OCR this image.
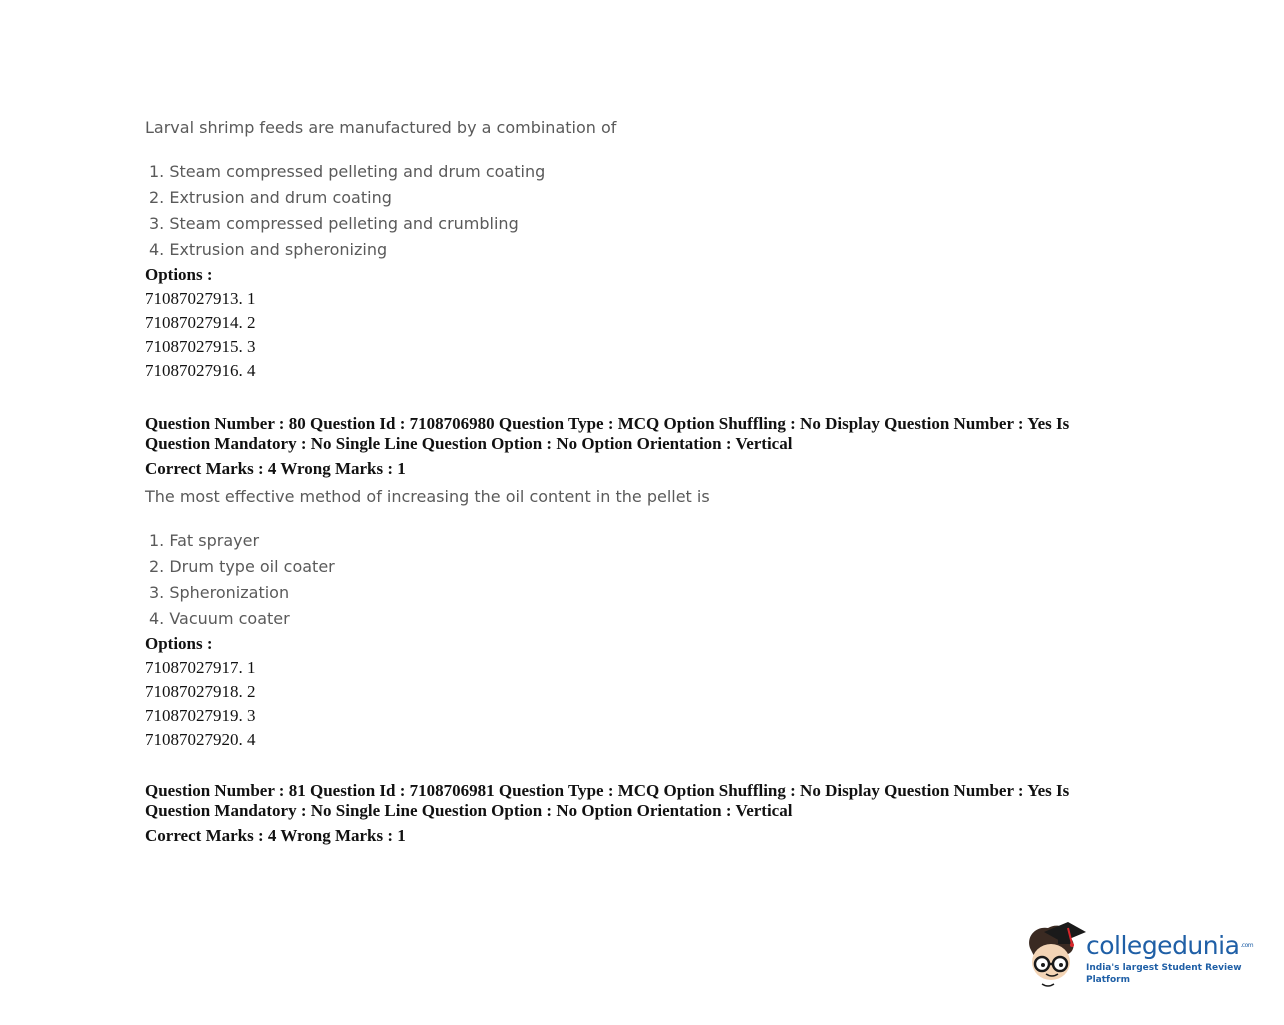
Larval shrimp feeds are manufactured by a combination of

1. Steam compressed pelleting and drum coating
2. Extrusion and drum coating
3. Steam compressed pelleting and crumbling
4. Extrusion and spheronizing

Options :

71087027913. 1

71087027914. 2

71087027915. 3

71087027916. 4

Question Number : 80 Question Id : 7108706980 Question Type : MCQ Option Shuffling : No Display Question Number : Yes Is

Question Mandatory : No Single Line Question Option : No Option Orientation : Vertical

Correct Marks : 4 Wrong Marks : 1

The most effective method of increasing the oil content in the pellet is

1. Fat sprayer
2. Drum type oil coater
3. Spheronization
4. Vacuum coater

Options :

71087027917. 1

71087027918. 2

71087027919. 3

71087027920. 4

Question Number : 81 Question Id : 7108706981 Question Type : MCQ Option Shuffling : No Display Question Number : Yes Is

Question Mandatory : No Single Line Question Option : No Option Orientation : Vertical

Correct Marks : 4 Wrong Marks : 1

collegedunia$^{.com}$
India's largest Student Review Platform
